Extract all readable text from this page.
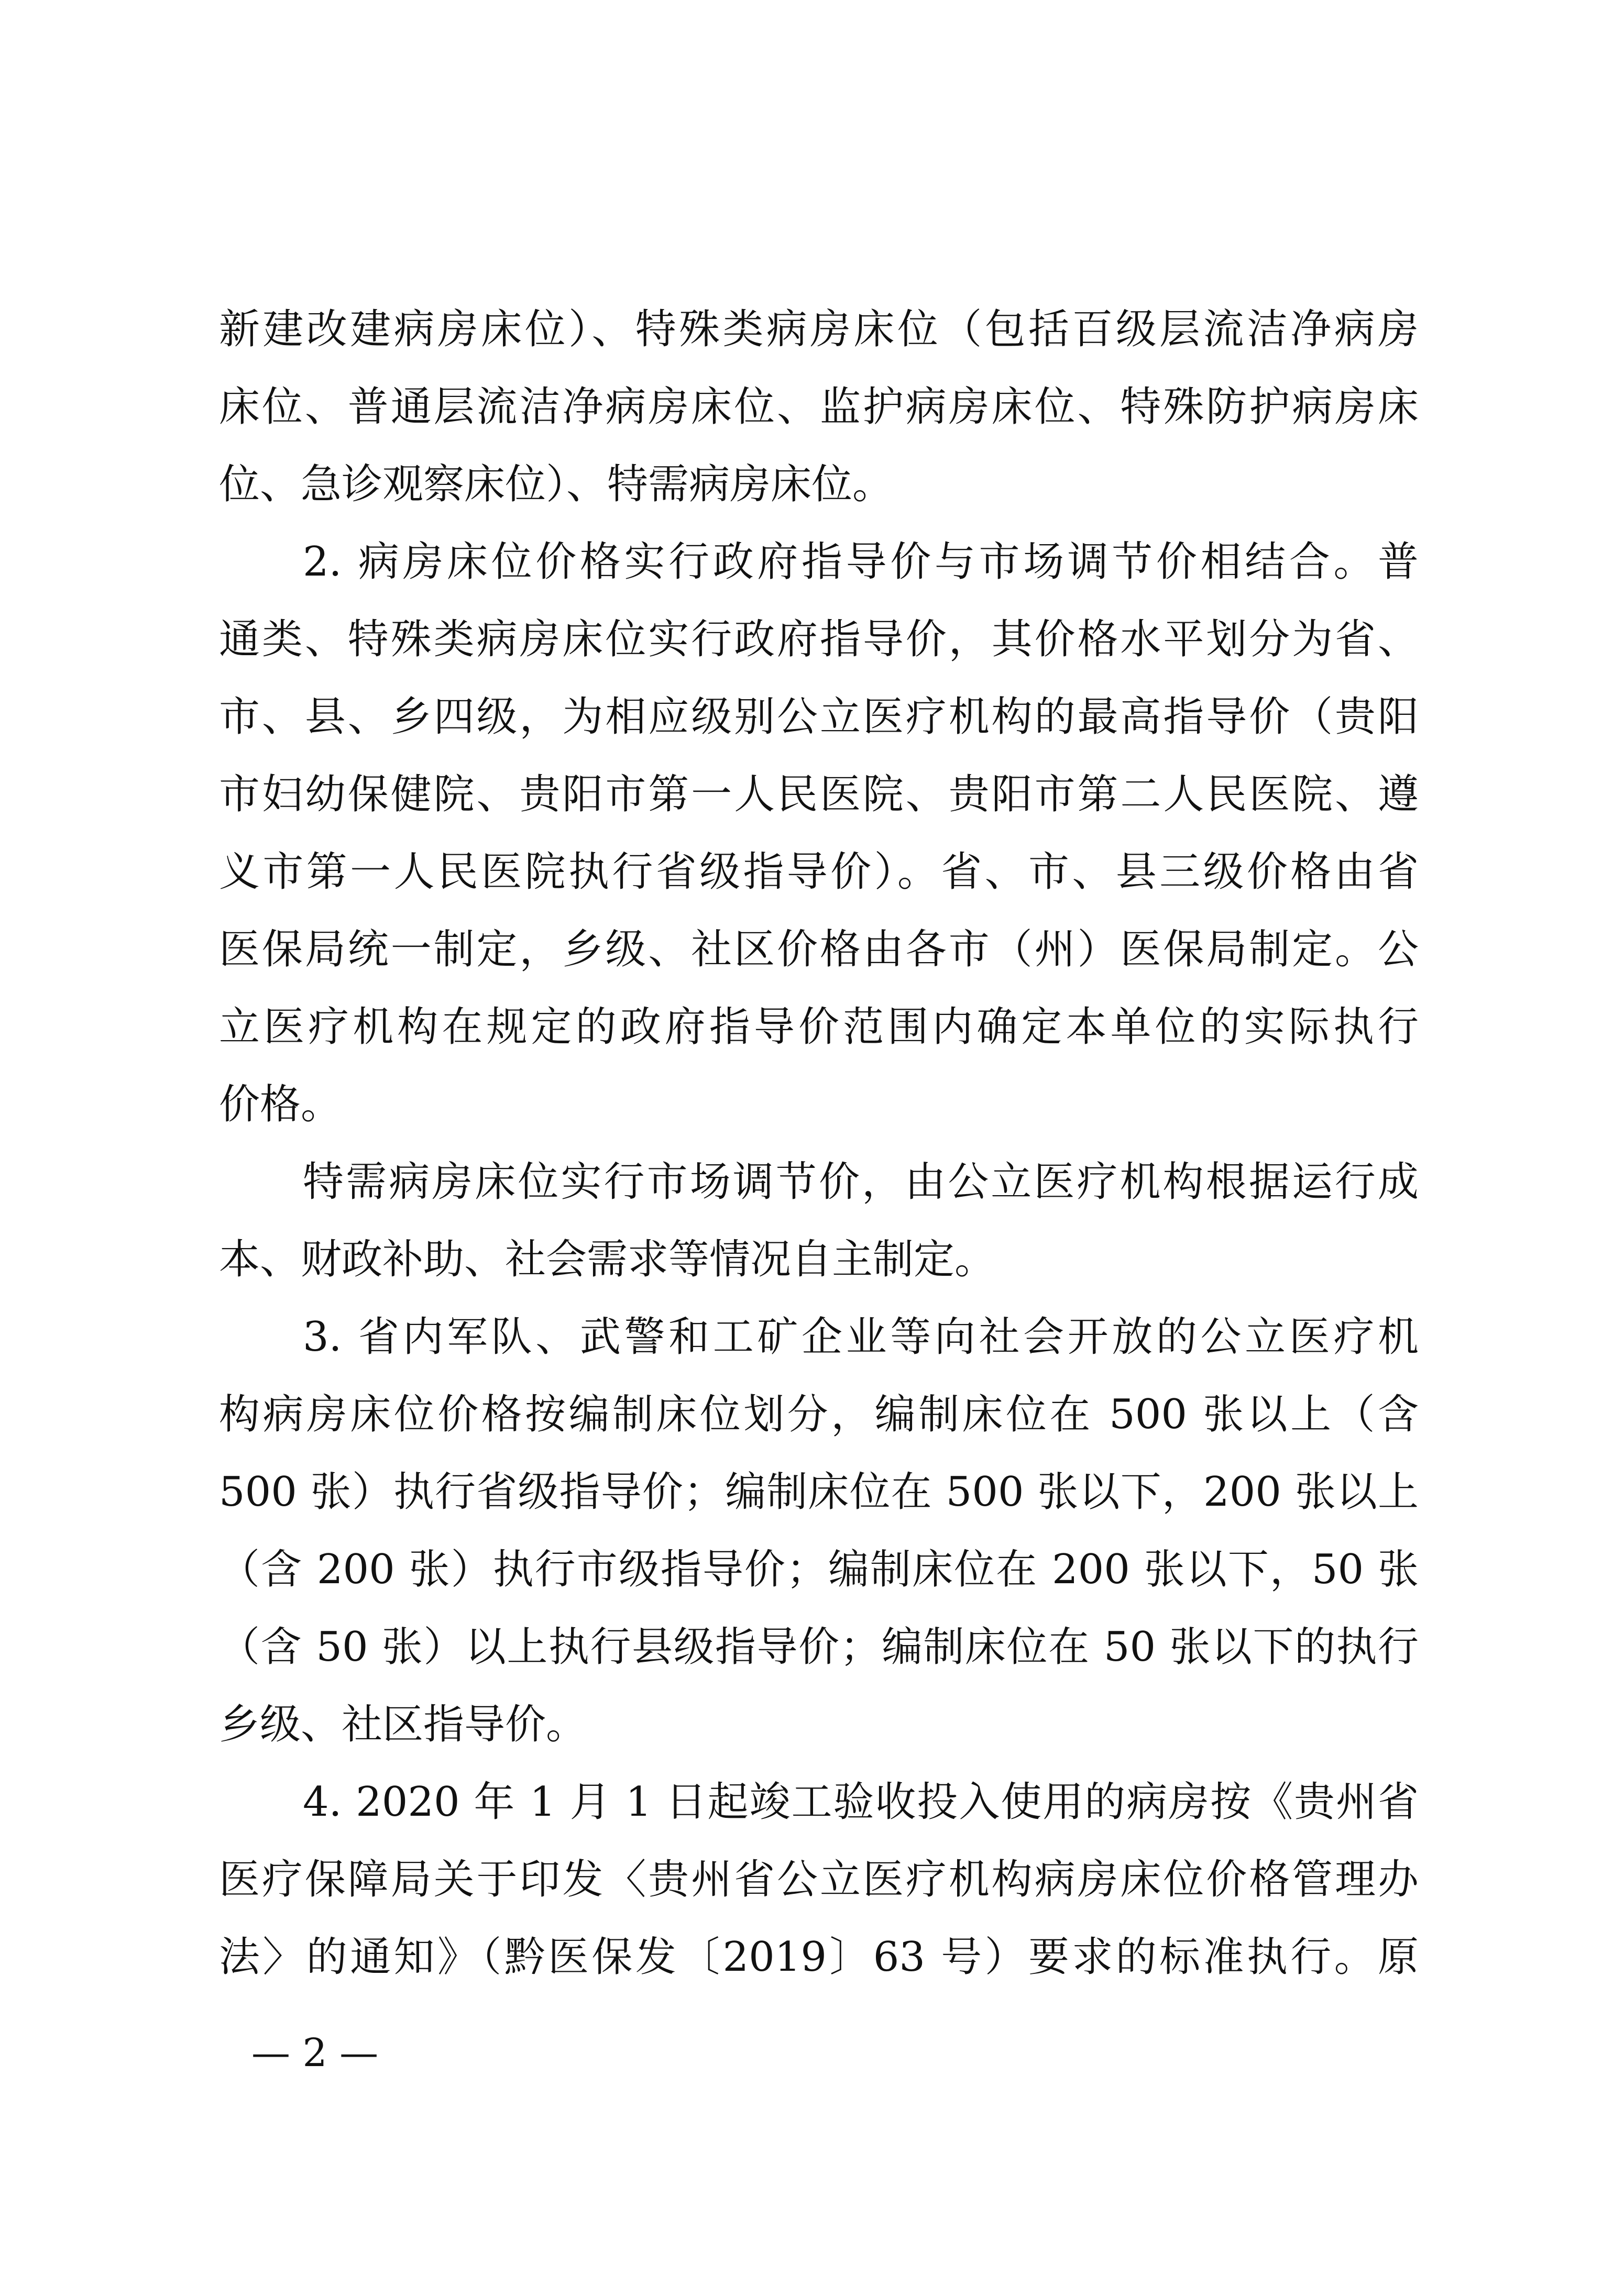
新建改建病房床位）、特殊类病房床位（包括百级层流洁净病房
床位、普通层流洁净病房床位、监护病房床位、特殊防护病房床
位、急诊观察床位）、特需病房床位。
2. 病房床位价格实行政府指导价与市场调节价相结合。普
通类、特殊类病房床位实行政府指导价，其价格水平划分为省、
市、县、乡四级，为相应级别公立医疗机构的最高指导价（贵阳
市妇幼保健院、贵阳市第一人民医院、贵阳市第二人民医院、遵
义市第一人民医院执行省级指导价）。省、市、县三级价格由省
医保局统一制定，乡级、社区价格由各市（州）医保局制定。公
立医疗机构在规定的政府指导价范围内确定本单位的实际执行
价格。
特需病房床位实行市场调节价，由公立医疗机构根据运行成
本、财政补助、社会需求等情况自主制定。
3. 省内军队、武警和工矿企业等向社会开放的公立医疗机
构病房床位价格按编制床位划分，编制床位在 500 张以上（含
500 张）执行省级指导价；编制床位在 500 张以下，200 张以上
（含 200 张）执行市级指导价；编制床位在 200 张以下，50 张
（含 50 张）以上执行县级指导价；编制床位在 50 张以下的执行
乡级、社区指导价。
4. 2020 年 1 月 1 日起竣工验收投入使用的病房按《贵州省
医疗保障局关于印发〈贵州省公立医疗机构病房床位价格管理办
法〉的通知》（黔医保发〔2019〕63 号）要求的标准执行。原
— 2 —
